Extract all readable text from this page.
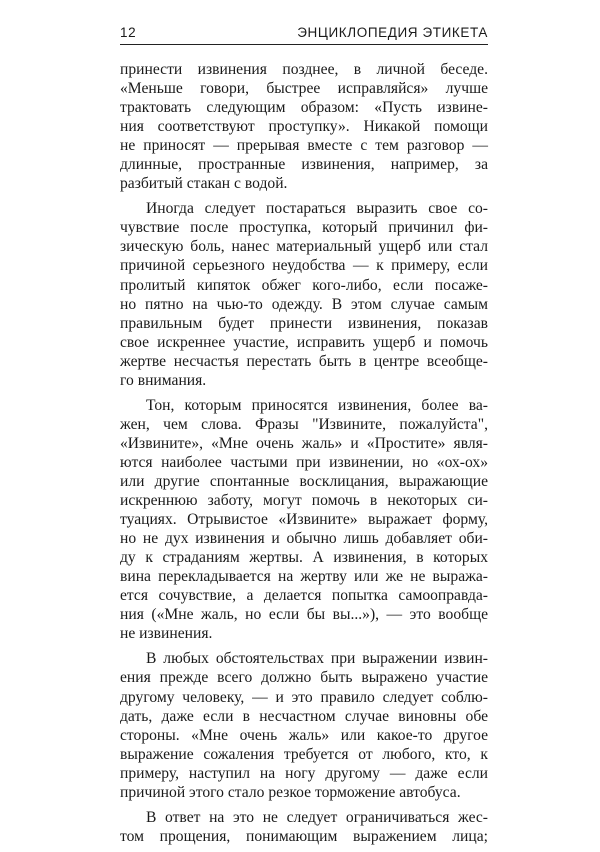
12	ЭНЦИКЛОПЕДИЯ ЭТИКЕТА

принести извинения позднее, в личной беседе.
«Меньше говори, быстрее исправляйся» лучше
трактовать следующим образом: «Пусть извине-
ния соответствуют проступку». Никакой помощи
не приносят — прерывая вместе с тем разговор —
длинные, пространные извинения, например, за
разбитый стакан с водой.

Иногда следует постараться выразить свое со-
чувствие после проступка, который причинил фи-
зическую боль, нанес материальный ущерб или стал
причиной серьезного неудобства — к примеру, если
пролитый кипяток обжег кого-либо, если посаже-
но пятно на чью-то одежду. В этом случае самым
правильным будет принести извинения, показав
свое искреннее участие, исправить ущерб и помочь
жертве несчастья перестать быть в центре всеобще-
го внимания.

Тон, которым приносятся извинения, более ва-
жен, чем слова. Фразы "Извините, пожалуйста",
«Извините», «Мне очень жаль» и «Простите» явля-
ются наиболее частыми при извинении, но «ох-ох»
или другие спонтанные восклицания, выражающие
искреннюю заботу, могут помочь в некоторых си-
туациях. Отрывистое «Извините» выражает форму,
но не дух извинения и обычно лишь добавляет оби-
ду к страданиям жертвы. А извинения, в которых
вина перекладывается на жертву или же не выража-
ется сочувствие, а делается попытка самооправда-
ния («Мне жаль, но если бы вы...»), — это вообще
не извинения.

В любых обстоятельствах при выражении извин-
ения прежде всего должно быть выражено участие
другому человеку, — и это правило следует соблю-
дать, даже если в несчастном случае виновны обе
стороны. «Мне очень жаль» или какое-то другое
выражение сожаления требуется от любого, кто, к
примеру, наступил на ногу другому — даже если
причиной этого стало резкое торможение автобуса.

В ответ на это не следует ограничиваться жес-
том прощения, понимающим выражением лица;
